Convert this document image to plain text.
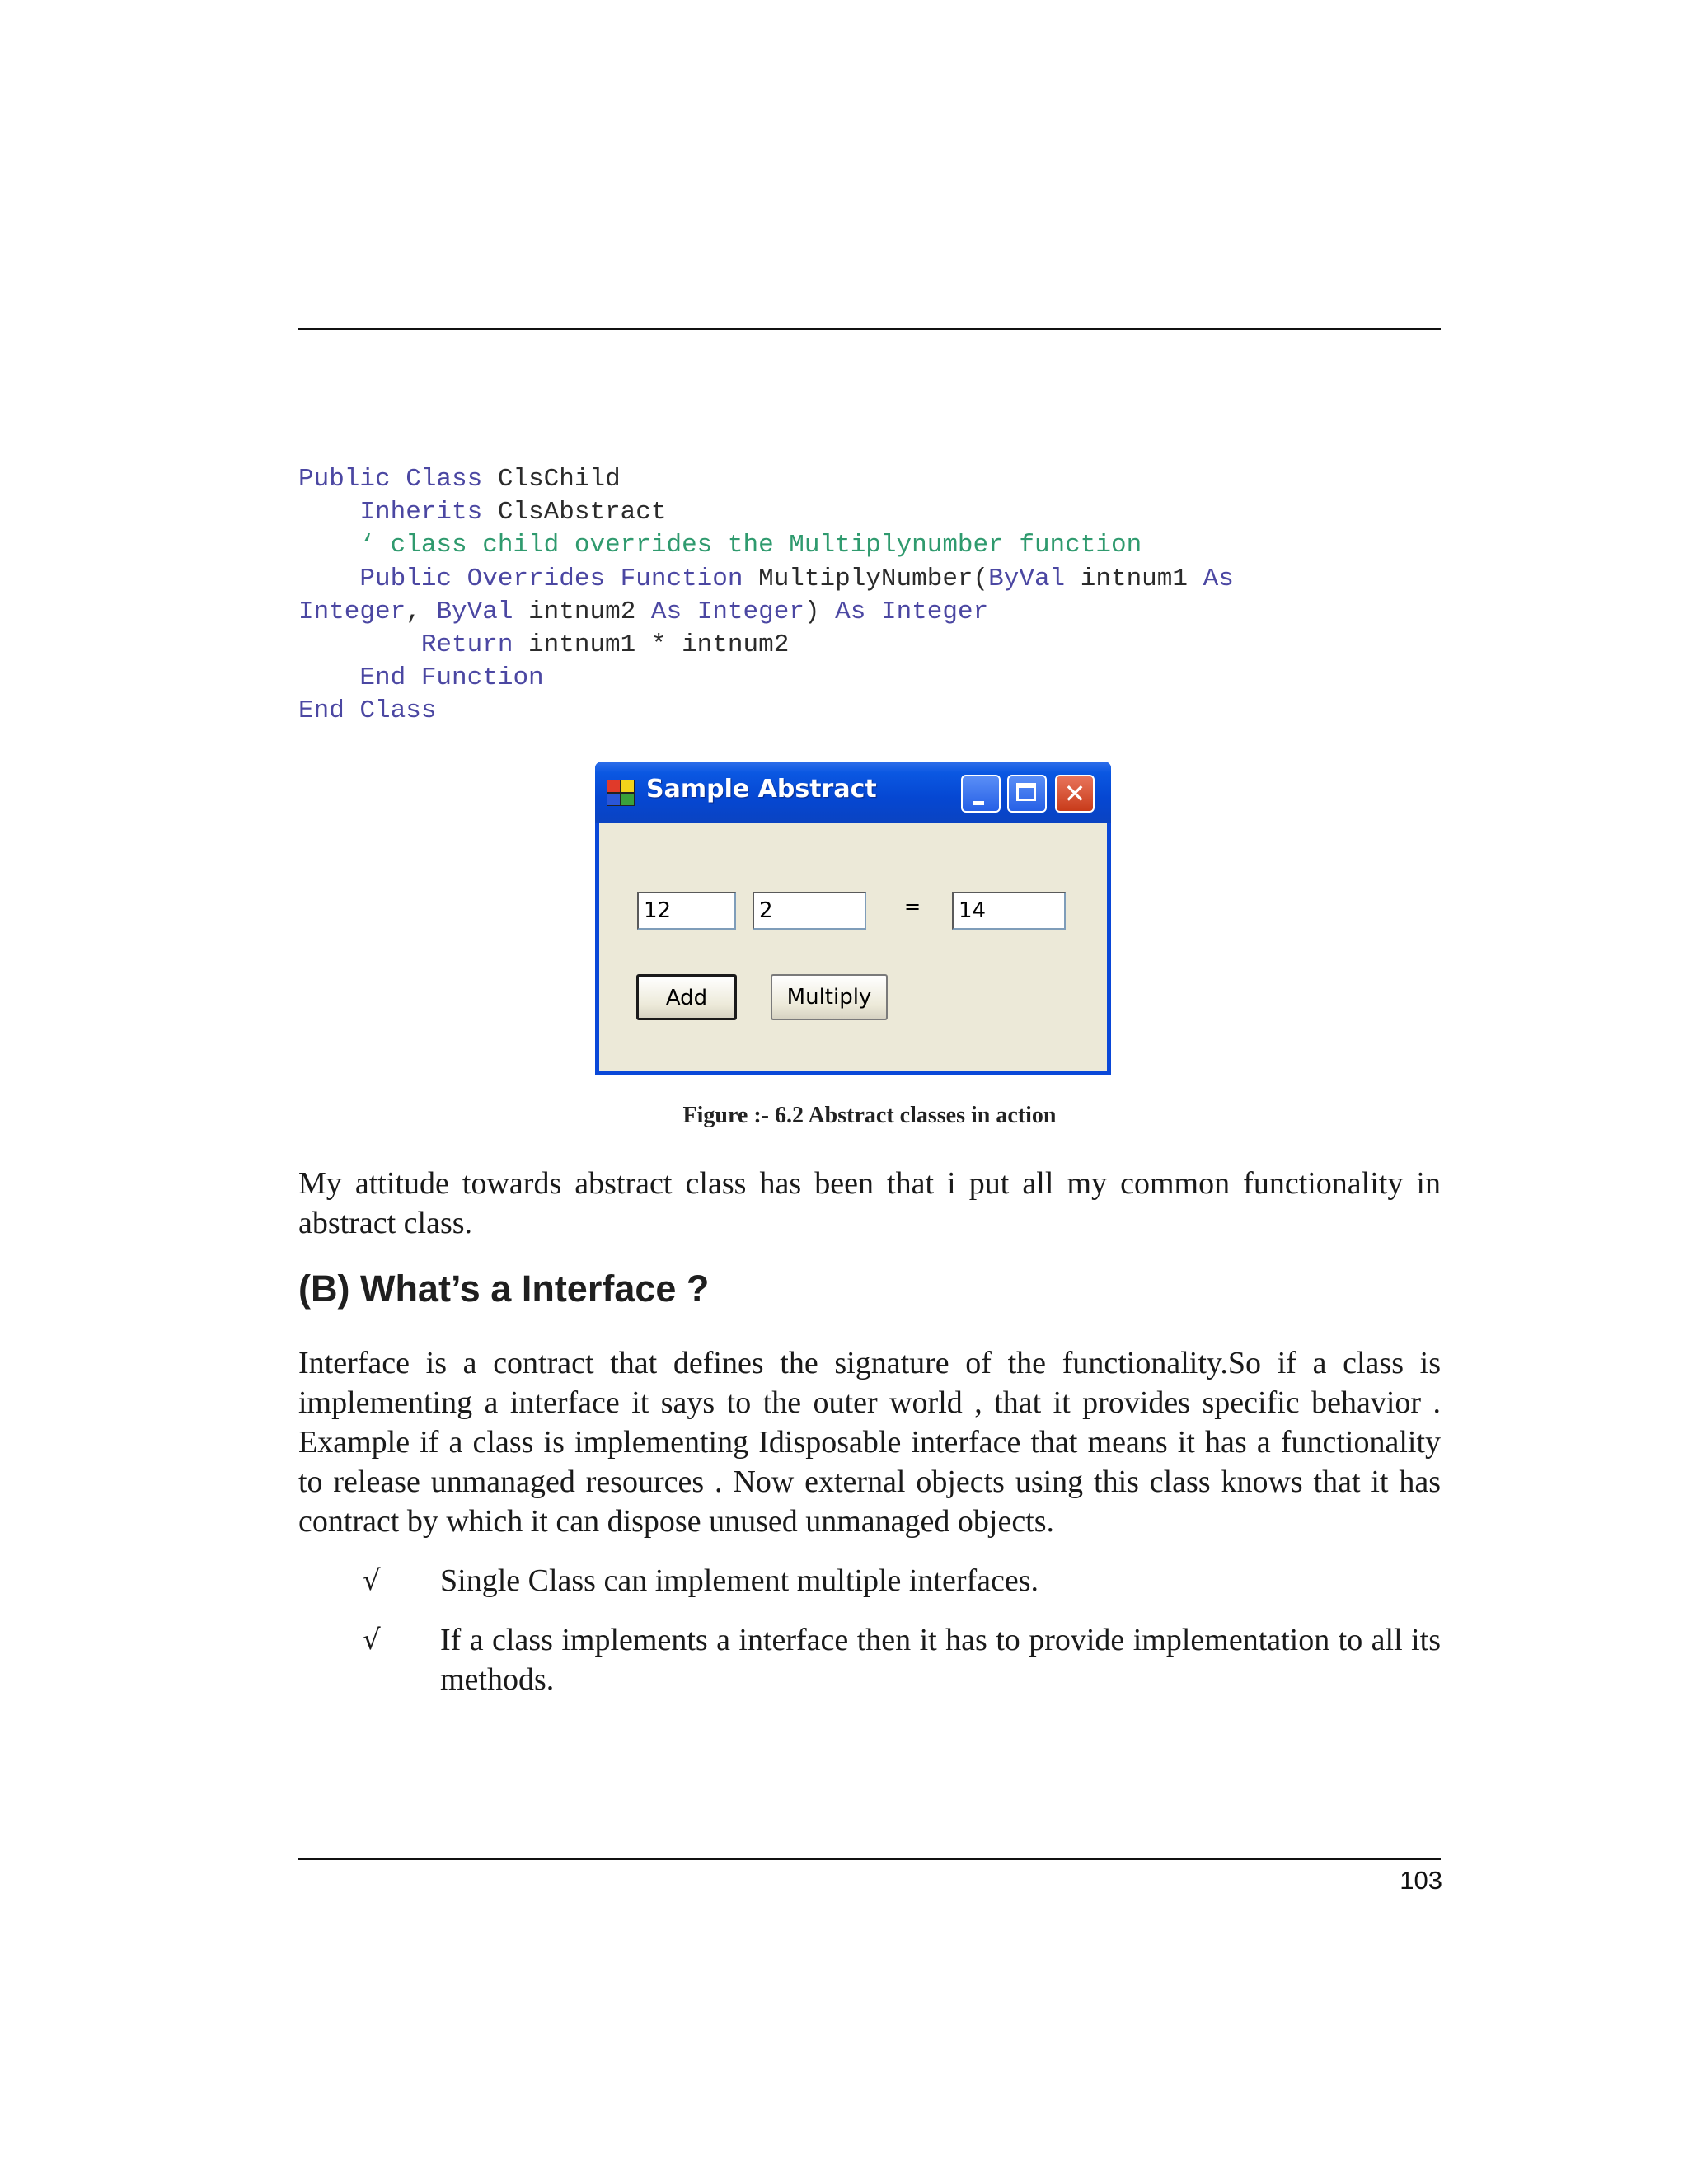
Public Class ClsChild
Inherits ClsAbstract
‘ class child overrides the Multiplynumber function
Public Overrides Function MultiplyNumber(ByVal intnum1 As
Integer, ByVal intnum2 As Integer) As Integer
Return intnum1 * intnum2
End Function
End Class
Sample Abstract	✕
12	2	=	14
Add	Multiply
Figure :- 6.2 Abstract classes in action

My attitude towards abstract class has been that i put all my common functionality in abstract class.

(B) What’s a Interface ?

Interface is a contract that defines the signature of the functionality.So if a class is implementing a interface it says to the outer world , that it provides specific behavior . Example if a class is implementing Idisposable interface that means it has a functionality to release unmanaged resources . Now external objects using this class knows that it has contract by which it can dispose unused unmanaged objects.

√ Single Class can implement multiple interfaces.

√ If a class implements a interface then it has to provide implementation to all its methods.

103
